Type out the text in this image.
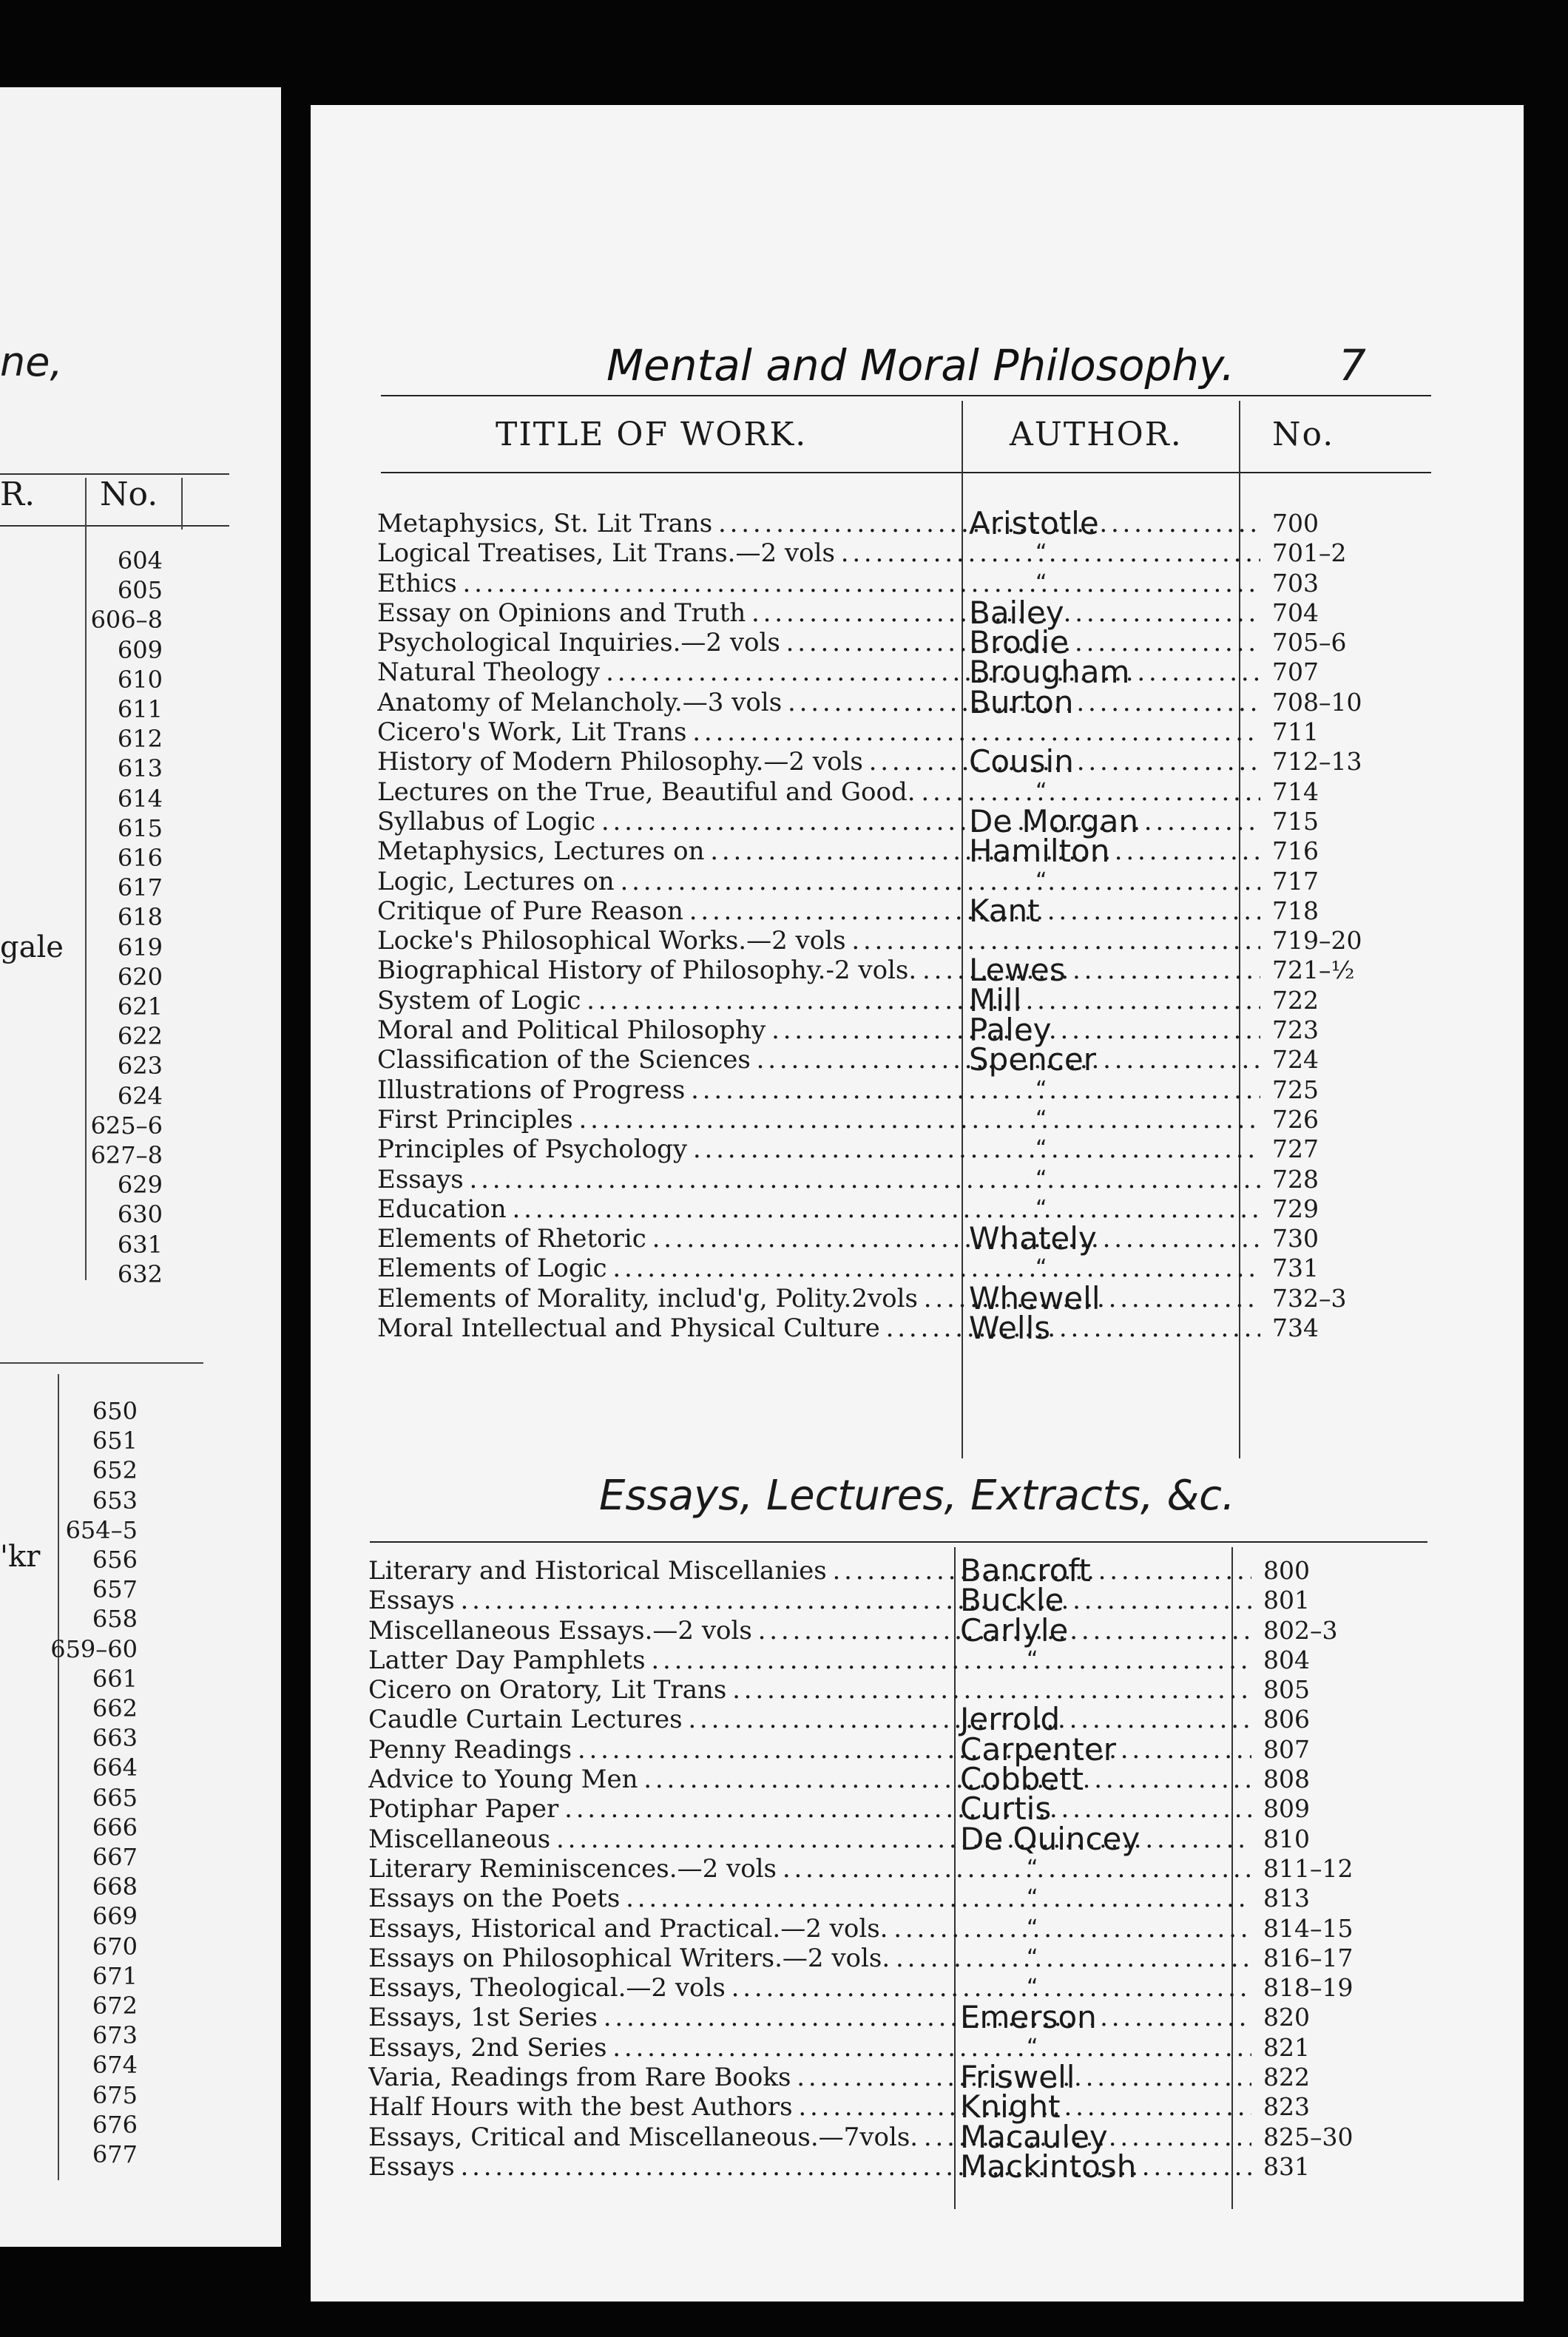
ne,
R. No.
604
605
606–8
609
610
611
612
613
614
615
616
617
618
619
620
621
622
623
624
625–6
627–8
629
630
631
632
gale
650
651
652
653
654–5
656
657
658
659–60
661
662
663
664
665
666
667
668
669
670
671
672
673
674
675
676
677
'kr
Mental and Moral Philosophy. 7
TITLE OF WORK.	AUTHOR.	No.
Metaphysics, St. Lit Trans . . .	Aristotle	700
Logical Treatises, Lit Trans.—2 vols . . .	“	701–2
Ethics . . .	“	703
Essay on Opinions and Truth . . .	Bailey	704
Psychological Inquiries.—2 vols . . .	Brodie	705–6
Natural Theology . . .	Brougham	707
Anatomy of Melancholy.—3 vols . . .	Burton	708–10
Cicero's Work, Lit Trans . . .	711
History of Modern Philosophy.—2 vols . . .	Cousin	712–13
Lectures on the True, Beautiful and Good. . . .	“	714
Syllabus of Logic . . .	De Morgan	715
Metaphysics, Lectures on . . .	Hamilton	716
Logic, Lectures on . . .	“	717
Critique of Pure Reason . . .	Kant	718
Locke's Philosophical Works.—2 vols . . .	719–20
Biographical History of Philosophy.-2 vols. . . .	Lewes	721–½
System of Logic . . .	Mill	722
Moral and Political Philosophy . . .	Paley	723
Classification of the Sciences . . .	Spencer	724
Illustrations of Progress . . .	“	725
First Principles . . .	“	726
Principles of Psychology . . .	“	727
Essays . . .	“	728
Education . . .	“	729
Elements of Rhetoric . . .	Whately	730
Elements of Logic . . .	“	731
Elements of Morality, includ'g, Polity.2vols . . .	Whewell	732–3
Moral Intellectual and Physical Culture . . .	Wells	734
Essays, Lectures, Extracts, &c.
Literary and Historical Miscellanies . . .	Bancroft	800
Essays . . .	Buckle	801
Miscellaneous Essays.—2 vols . . .	Carlyle	802–3
Latter Day Pamphlets . . .	“	804
Cicero on Oratory, Lit Trans . . .	805
Caudle Curtain Lectures . . .	Jerrold	806
Penny Readings . . .	Carpenter	807
Advice to Young Men . . .	Cobbett	808
Potiphar Paper . . .	Curtis	809
Miscellaneous . . .	De Quincey	810
Literary Reminiscences.—2 vols . . .	“	811–12
Essays on the Poets . . .	“	813
Essays, Historical and Practical.—2 vols. . . .	“	814–15
Essays on Philosophical Writers.—2 vols. . . .	“	816–17
Essays, Theological.—2 vols . . .	“	818–19
Essays, 1st Series . . .	Emerson	820
Essays, 2nd Series . . .	“	821
Varia, Readings from Rare Books . . .	Friswell	822
Half Hours with the best Authors . . .	Knight	823
Essays, Critical and Miscellaneous.—7vols. . . .	Macauley	825–30
Essays . . .	Mackintosh	831
